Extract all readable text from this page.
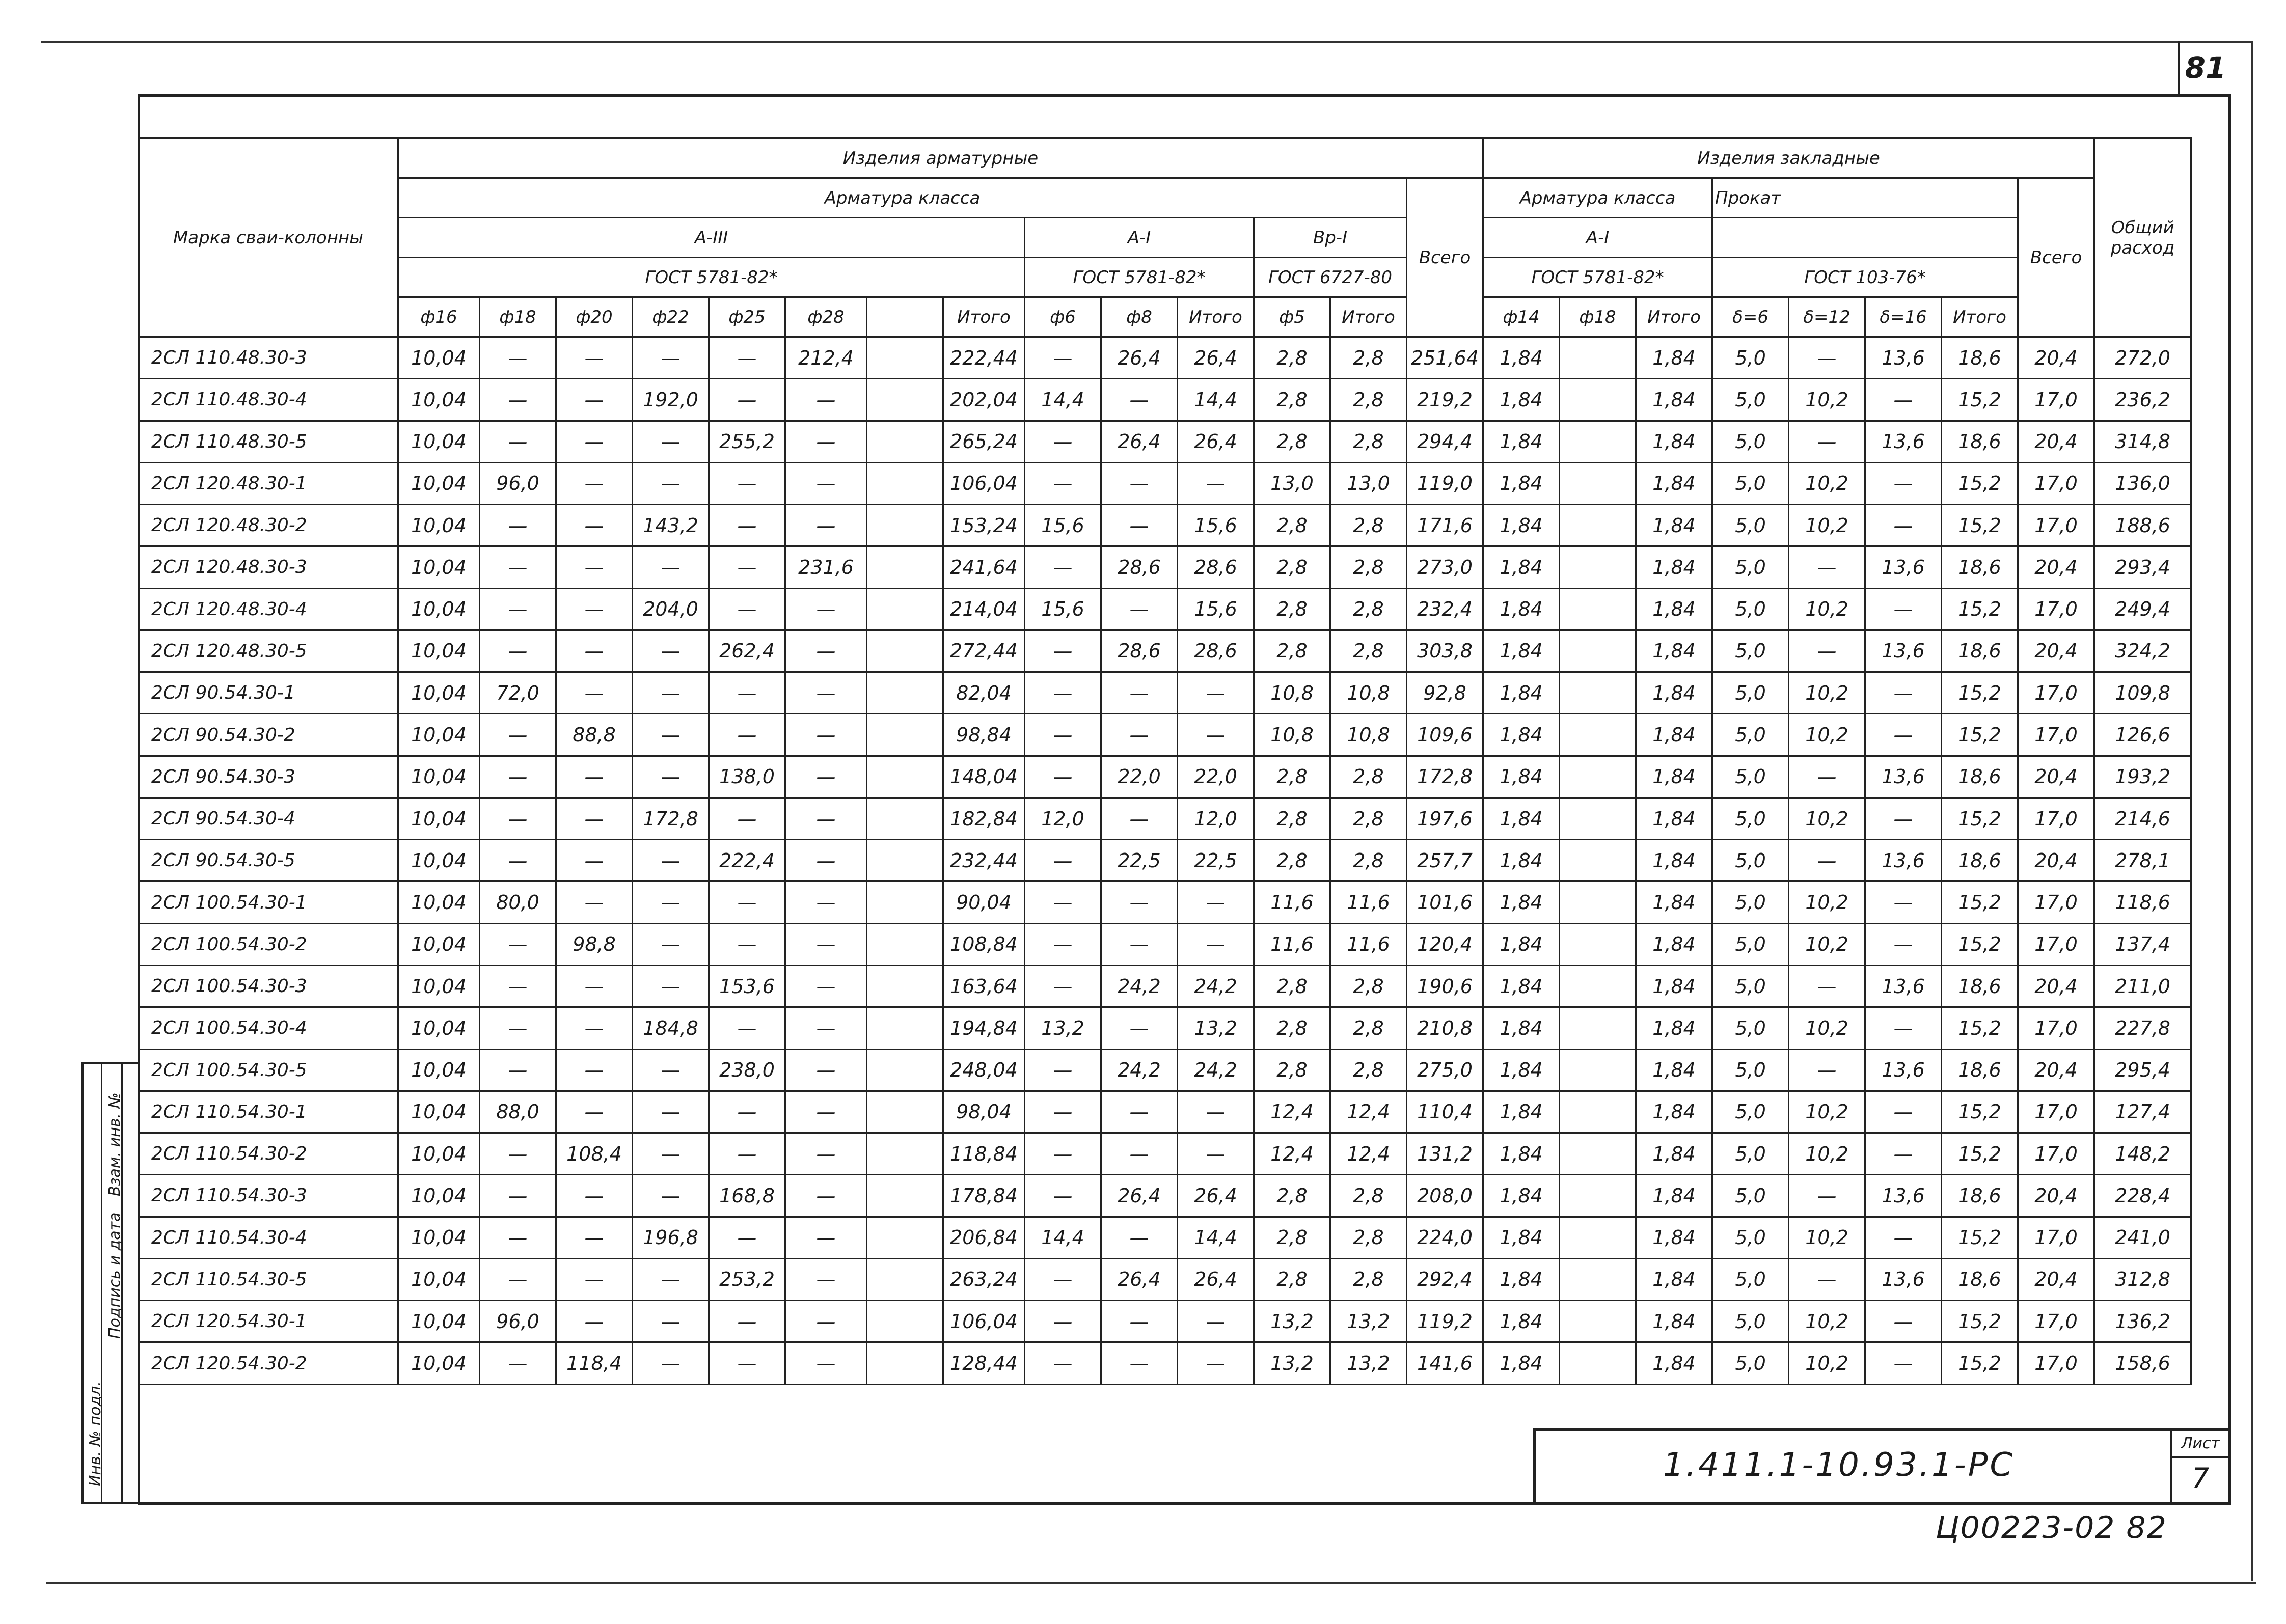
81
Инв. № подл.
Подпись и дата
Взам. инв. №
Марка сваи-колонны	Изделия арматурные														Изделия закладные								Общий расход
	Арматура класса													Всего	Арматура класса			Прокат				Всего	
	А-III								А-I			Вр-I			А-I								
	ГОСТ 5781-82*								ГОСТ 5781-82*			ГОСТ 6727-80			ГОСТ 5781-82*			ГОСТ 103-76*					
	ф16	ф18	ф20	ф22	ф25	ф28		Итого	ф6	ф8	Итого	ф5	Итого		ф14	ф18	Итого	δ=6	δ=12	δ=16	Итого		
2СЛ 110.48.30-3	10,04	—	—	—	—	212,4		222,44	—	26,4	26,4	2,8	2,8	251,64	1,84		1,84	5,0	—	13,6	18,6	20,4	272,0
2СЛ 110.48.30-4	10,04	—	—	192,0	—	—		202,04	14,4	—	14,4	2,8	2,8	219,2	1,84		1,84	5,0	10,2	—	15,2	17,0	236,2
2СЛ 110.48.30-5	10,04	—	—	—	255,2	—		265,24	—	26,4	26,4	2,8	2,8	294,4	1,84		1,84	5,0	—	13,6	18,6	20,4	314,8
2СЛ 120.48.30-1	10,04	96,0	—	—	—	—		106,04	—	—	—	13,0	13,0	119,0	1,84		1,84	5,0	10,2	—	15,2	17,0	136,0
2СЛ 120.48.30-2	10,04	—	—	143,2	—	—		153,24	15,6	—	15,6	2,8	2,8	171,6	1,84		1,84	5,0	10,2	—	15,2	17,0	188,6
2СЛ 120.48.30-3	10,04	—	—	—	—	231,6		241,64	—	28,6	28,6	2,8	2,8	273,0	1,84		1,84	5,0	—	13,6	18,6	20,4	293,4
2СЛ 120.48.30-4	10,04	—	—	204,0	—	—		214,04	15,6	—	15,6	2,8	2,8	232,4	1,84		1,84	5,0	10,2	—	15,2	17,0	249,4
2СЛ 120.48.30-5	10,04	—	—	—	262,4	—		272,44	—	28,6	28,6	2,8	2,8	303,8	1,84		1,84	5,0	—	13,6	18,6	20,4	324,2
2СЛ 90.54.30-1	10,04	72,0	—	—	—	—		82,04	—	—	—	10,8	10,8	92,8	1,84		1,84	5,0	10,2	—	15,2	17,0	109,8
2СЛ 90.54.30-2	10,04	—	88,8	—	—	—		98,84	—	—	—	10,8	10,8	109,6	1,84		1,84	5,0	10,2	—	15,2	17,0	126,6
2СЛ 90.54.30-3	10,04	—	—	—	138,0	—		148,04	—	22,0	22,0	2,8	2,8	172,8	1,84		1,84	5,0	—	13,6	18,6	20,4	193,2
2СЛ 90.54.30-4	10,04	—	—	172,8	—	—		182,84	12,0	—	12,0	2,8	2,8	197,6	1,84		1,84	5,0	10,2	—	15,2	17,0	214,6
2СЛ 90.54.30-5	10,04	—	—	—	222,4	—		232,44	—	22,5	22,5	2,8	2,8	257,7	1,84		1,84	5,0	—	13,6	18,6	20,4	278,1
2СЛ 100.54.30-1	10,04	80,0	—	—	—	—		90,04	—	—	—	11,6	11,6	101,6	1,84		1,84	5,0	10,2	—	15,2	17,0	118,6
2СЛ 100.54.30-2	10,04	—	98,8	—	—	—		108,84	—	—	—	11,6	11,6	120,4	1,84		1,84	5,0	10,2	—	15,2	17,0	137,4
2СЛ 100.54.30-3	10,04	—	—	—	153,6	—		163,64	—	24,2	24,2	2,8	2,8	190,6	1,84		1,84	5,0	—	13,6	18,6	20,4	211,0
2СЛ 100.54.30-4	10,04	—	—	184,8	—	—		194,84	13,2	—	13,2	2,8	2,8	210,8	1,84		1,84	5,0	10,2	—	15,2	17,0	227,8
2СЛ 100.54.30-5	10,04	—	—	—	238,0	—		248,04	—	24,2	24,2	2,8	2,8	275,0	1,84		1,84	5,0	—	13,6	18,6	20,4	295,4
2СЛ 110.54.30-1	10,04	88,0	—	—	—	—		98,04	—	—	—	12,4	12,4	110,4	1,84		1,84	5,0	10,2	—	15,2	17,0	127,4
2СЛ 110.54.30-2	10,04	—	108,4	—	—	—		118,84	—	—	—	12,4	12,4	131,2	1,84		1,84	5,0	10,2	—	15,2	17,0	148,2
2СЛ 110.54.30-3	10,04	—	—	—	168,8	—		178,84	—	26,4	26,4	2,8	2,8	208,0	1,84		1,84	5,0	—	13,6	18,6	20,4	228,4
2СЛ 110.54.30-4	10,04	—	—	196,8	—	—		206,84	14,4	—	14,4	2,8	2,8	224,0	1,84		1,84	5,0	10,2	—	15,2	17,0	241,0
2СЛ 110.54.30-5	10,04	—	—	—	253,2	—		263,24	—	26,4	26,4	2,8	2,8	292,4	1,84		1,84	5,0	—	13,6	18,6	20,4	312,8
2СЛ 120.54.30-1	10,04	96,0	—	—	—	—		106,04	—	—	—	13,2	13,2	119,2	1,84		1,84	5,0	10,2	—	15,2	17,0	136,2
2СЛ 120.54.30-2	10,04	—	118,4	—	—	—		128,44	—	—	—	13,2	13,2	141,6	1,84		1,84	5,0	10,2	—	15,2	17,0	158,6
1.411.1-10.93.1-РС
Лист
7
Ц00223-02 82
